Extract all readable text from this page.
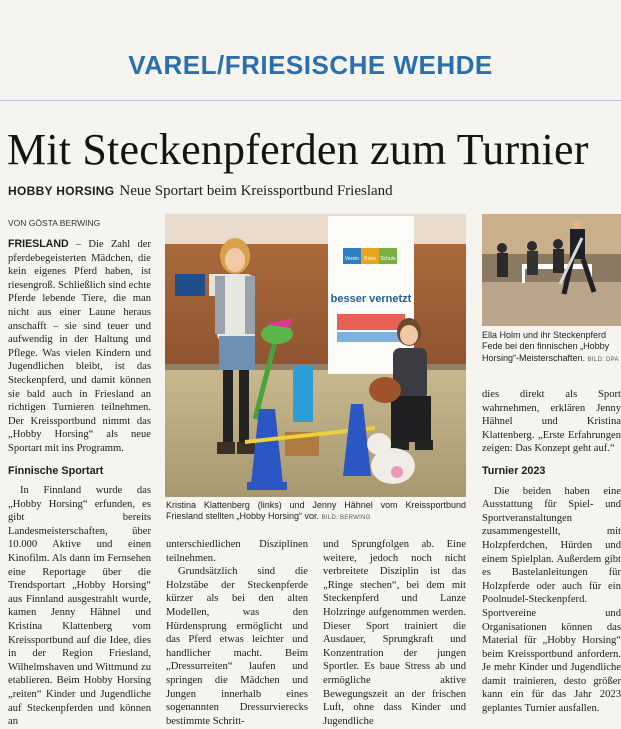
VAREL/FRIESISCHE WEHDE
Mit Steckenpferden zum Turnier
HOBBY HORSING Neue Sportart beim Kreissportbund Friesland
VON GÖSTA BERWING

FRIESLAND – Die Zahl der pferdebegeisterten Mädchen, die kein eigenes Pferd haben, ist riesengroß. Schließlich sind echte Pferde lebende Tiere, die man nicht aus einer Laune heraus anschafft – sie sind teuer und aufwendig in der Haltung und Pflege. Was vielen Kindern und Jugendlichen bleibt, ist das Steckenpferd, und damit können sie bald auch in Friesland an richtigen Turnieren teilnehmen. Der Kreissportbund nimmt das „Hobby Horsing“ als neue Sportart mit ins Programm.

Finnische Sportart

In Finnland wurde das „Hobby Horsing“ erfunden, es gibt bereits Landesmeisterschaften, über 10.000 Aktive und einen Kinofilm. Als dann im Fernsehen eine Reportage über die Trendsportart „Hobby Horsing“ aus Finnland ausgestrahlt wurde, kamen Jenny Hähnel und Kristina Klattenberg vom Kreissportbund auf die Idee, dies in der Region Friesland, Wilhelmshaven und Wittmund zu etablieren. Beim Hobby Horsing „reiten“ Kinder und Jugendliche auf Steckenpferden und können an

Verein Kreis Schule
besser vernetzt
Kristina Klattenberg (links) und Jenny Hähnel vom Kreissportbund Friesland stellten „Hobby Horsing“ vor. BILD: BERWING

unterschiedlichen Disziplinen teilnehmen.

Grundsätzlich sind die Holzstäbe der Steckenpferde kürzer als bei den alten Modellen, was den Hürdensprung ermöglicht und das Pferd etwas leichter und handlicher macht. Beim „Dressurreiten“ laufen und springen die Mädchen und Jungen innerhalb eines sogenannten Dressurvierecks bestimmte Schritt-

und Sprungfolgen ab. Eine weitere, jedoch noch nicht verbreitete Disziplin ist das „Ringe stechen“, bei dem mit Steckenpferd und Lanze Holzringe aufgenommen werden. Dieser Sport trainiert die Ausdauer, Sprungkraft und Konzentration der jungen Sportler. Es baue Stress ab und ermögliche aktive Bewegungszeit an der frischen Luft, ohne dass Kinder und Jugendliche

Ella Holm und ihr Steckenpferd Fede bei den finnischen „Hobby Horsing“-Meisterschaften. BILD: DPA

dies direkt als Sport wahrnehmen, erklären Jenny Hähnel und Kristina Klattenberg. „Erste Erfahrungen zeigen: Das Konzept geht auf.“

Turnier 2023

Die beiden haben eine Ausstattung für Spiel- und Sportveranstaltungen zusammengestellt, mit Holzpferdchen, Hürden und einem Spielplan. Außerdem gibt es Bastelanleitungen für Holzpferde oder auch für ein Poolnudel-Steckenpferd. Sportvereine und Organisationen können das Material für „Hobby Horsing“ beim Kreissportbund anfordern. Je mehr Kinder und Jugendliche damit trainieren, desto größer kann ein für das Jahr 2023 geplantes Turnier ausfallen.
